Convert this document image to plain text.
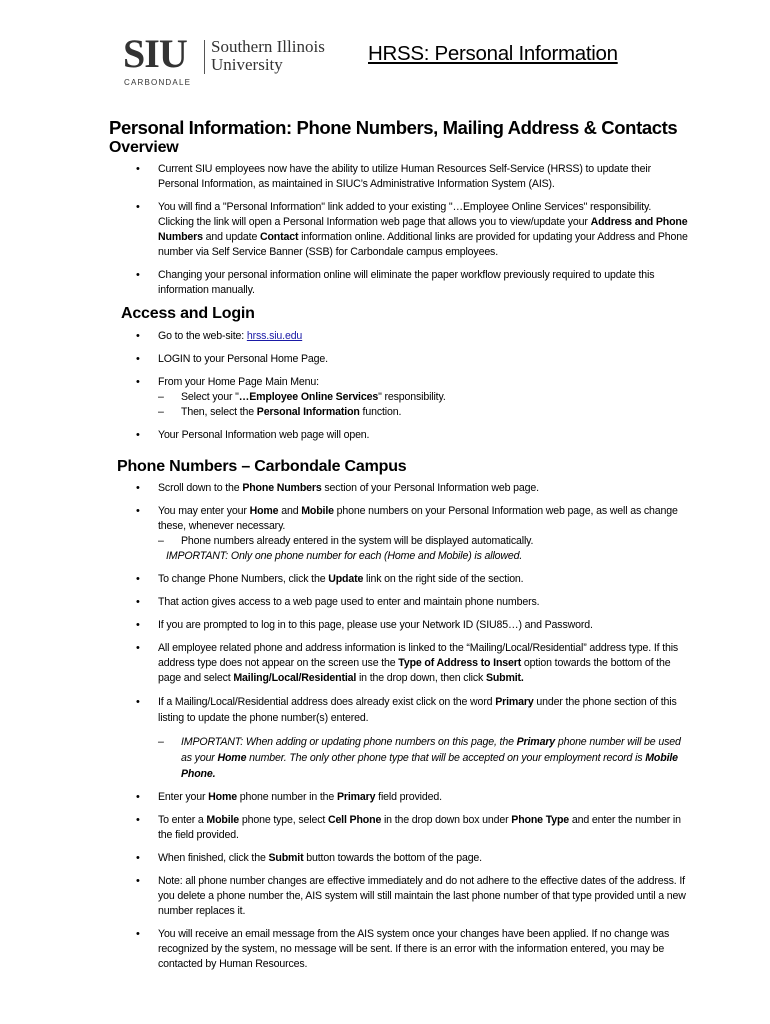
SIU Southern Illinois
University
CARBONDALE
HRSS: Personal Information
Personal Information: Phone Numbers, Mailing Address & Contacts
Overview
• Current SIU employees now have the ability to utilize Human Resources Self-Service (HRSS) to update their Personal Information, as maintained in SIUC’s Administrative Information System (AIS).
• You will find a "Personal Information" link added to your existing "…Employee Online Services" responsibility. Clicking the link will open a Personal Information web page that allows you to view/update your Address and Phone Numbers and update Contact information online. Additional links are provided for updating your Address and Phone number via Self Service Banner (SSB) for Carbondale campus employees.
• Changing your personal information online will eliminate the paper workflow previously required to update this information manually.
Access and Login
• Go to the web-site: hrss.siu.edu
• LOGIN to your Personal Home Page.
• From your Home Page Main Menu:
– Select your "…Employee Online Services" responsibility.
– Then, select the Personal Information function.
• Your Personal Information web page will open.
Phone Numbers – Carbondale Campus
• Scroll down to the Phone Numbers section of your Personal Information web page.
• You may enter your Home and Mobile phone numbers on your Personal Information web page, as well as change these, whenever necessary.
– Phone numbers already entered in the system will be displayed automatically.
IMPORTANT: Only one phone number for each (Home and Mobile) is allowed.
• To change Phone Numbers, click the Update link on the right side of the section.
• That action gives access to a web page used to enter and maintain phone numbers.
• If you are prompted to log in to this page, please use your Network ID (SIU85…) and Password.
• All employee related phone and address information is linked to the “Mailing/Local/Residential” address type. If this address type does not appear on the screen use the Type of Address to Insert option towards the bottom of the page and select Mailing/Local/Residential in the drop down, then click Submit.
• If a Mailing/Local/Residential address does already exist click on the word Primary under the phone section of this listing to update the phone number(s) entered.
– IMPORTANT: When adding or updating phone numbers on this page, the Primary phone number will be used as your Home number. The only other phone type that will be accepted on your employment record is Mobile Phone.
• Enter your Home phone number in the Primary field provided.
• To enter a Mobile phone type, select Cell Phone in the drop down box under Phone Type and enter the number in the field provided.
• When finished, click the Submit button towards the bottom of the page.
• Note: all phone number changes are effective immediately and do not adhere to the effective dates of the address. If you delete a phone number the, AIS system will still maintain the last phone number of that type provided until a new number replaces it.
• You will receive an email message from the AIS system once your changes have been applied. If no change was recognized by the system, no message will be sent. If there is an error with the information entered, you may be contacted by Human Resources.
